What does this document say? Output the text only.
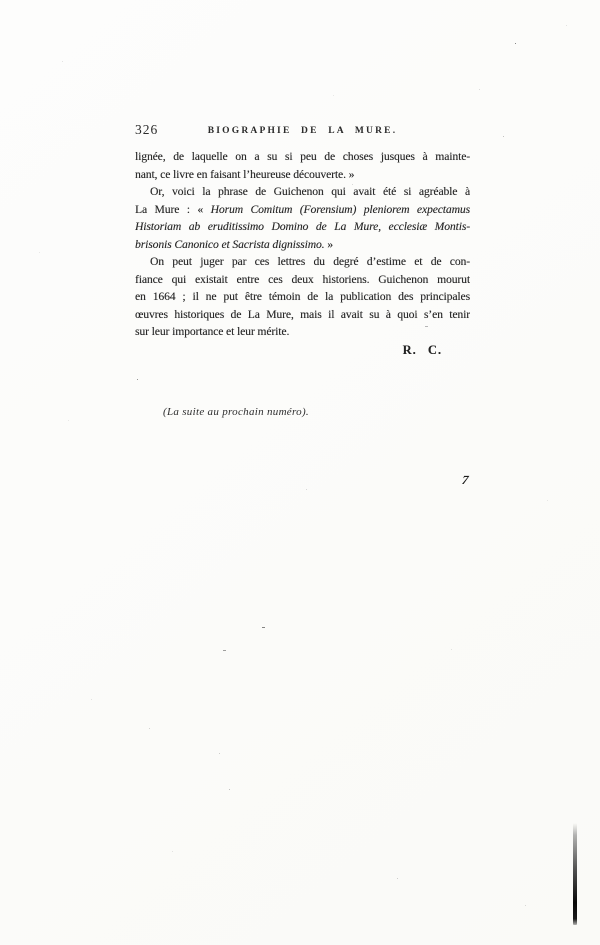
326	BIOGRAPHIE DE LA MURE.
lignée, de laquelle on a su si peu de choses jusques à mainte-
nant, ce livre en faisant l’heureuse découverte. »
Or, voici la phrase de Guichenon qui avait été si agréable à
La Mure : « Horum Comitum (Forensium) pleniorem expectamus
Historiam ab eruditissimo Domino de La Mure, ecclesiæ Montis-
brisonis Canonico et Sacrista dignissimo. »
On peut juger par ces lettres du degré d’estime et de con-
fiance qui existait entre ces deux historiens. Guichenon mourut
en 1664 ; il ne put être témoin de la publication des principales
œuvres historiques de La Mure, mais il avait su à quoi s’en tenir
sur leur importance et leur mérite.
R. C.
(La suite au prochain numéro).
7
